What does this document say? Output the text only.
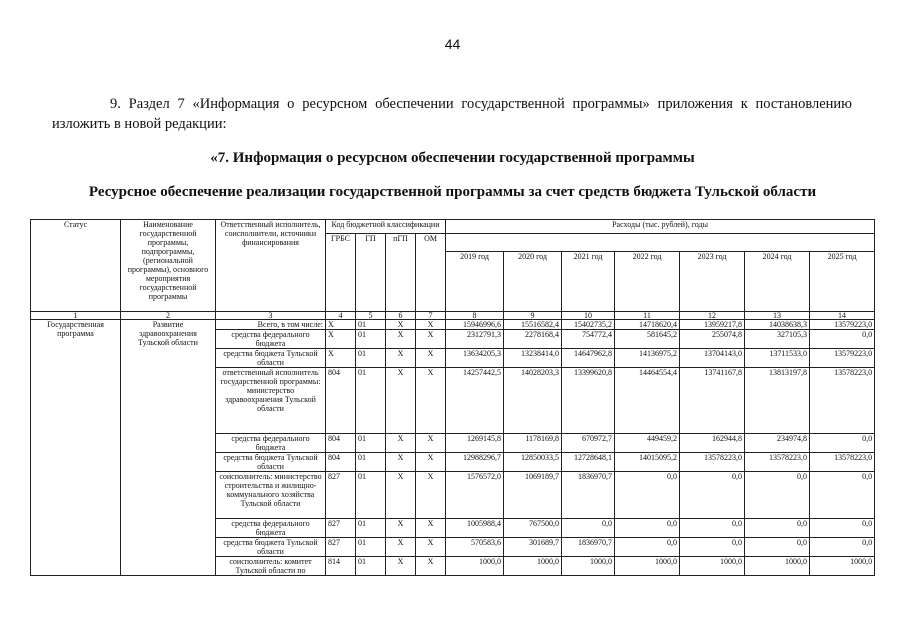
44
9. Раздел 7 «Информация о ресурсном обеспечении государственной программы» приложения к постановлению изложить в новой редакции:
«7. Информация о ресурсном обеспечении государственной программы
Ресурсное обеспечение реализации государственной программы за счет средств бюджета Тульской области
Статус	Наименование государственной программы, подпрограммы, (региональной программы), основного мероприятия государственной программы	Ответственный исполнитель, соисполнители, источники финансирования	Код бюджетной классификации				Расходы (тыс. рублей), годы						
			ГРБС	ГП	пГП	ОМ							
							2019 год	2020 год	2021 год	2022 год	2023 год	2024 год	2025 год
1	2	3	4	5	6	7	8	9	10	11	12	13	14
Государственная программа	Развитие здравоохранения Тульской области	Всего, в том числе:	Х	01	Х	Х	15946996,6	15516582,4	15402735,2	14718620,4	13959217,8	14038638,3	13579223,0
		средства федерального бюджета	Х	01	Х	Х	2312791,3	2278168,4	754772,4	581645,2	255074,8	327105,3	0,0
		средства бюджета Тульской области	Х	01	Х	Х	13634205,3	13238414,0	14647962,8	14136975,2	13704143,0	13711533,0	13579223,0
		ответственный исполнитель государственной программы: министерство здравоохранения Тульской области	804	01	Х	Х	14257442,5	14028203,3	13399620,8	14464554,4	13741167,8	13813197,8	13578223,0
		средства федерального бюджета	804	01	Х	Х	1269145,8	1178169,8	670972,7	449459,2	162944,8	234974,8	0,0
		средства бюджета Тульской области	804	01	Х	Х	12988296,7	12850033,5	12728648,1	14015095,2	13578223,0	13578223,0	13578223,0
		соисполнитель: министерство строительства и жилищно-коммунального хозяйства Тульской области	827	01	Х	Х	1576572,0	1069189,7	1836970,7	0,0	0,0	0,0	0,0
		средства федерального бюджета	827	01	Х	Х	1005988,4	767500,0	0,0	0,0	0,0	0,0	0,0
		средства бюджета Тульской области	827	01	Х	Х	570583,6	301689,7	1836970,7	0,0	0,0	0,0	0,0
		соисполнитель: комитет Тульской области по	814	01	Х	Х	1000,0	1000,0	1000,0	1000,0	1000,0	1000,0	1000,0
